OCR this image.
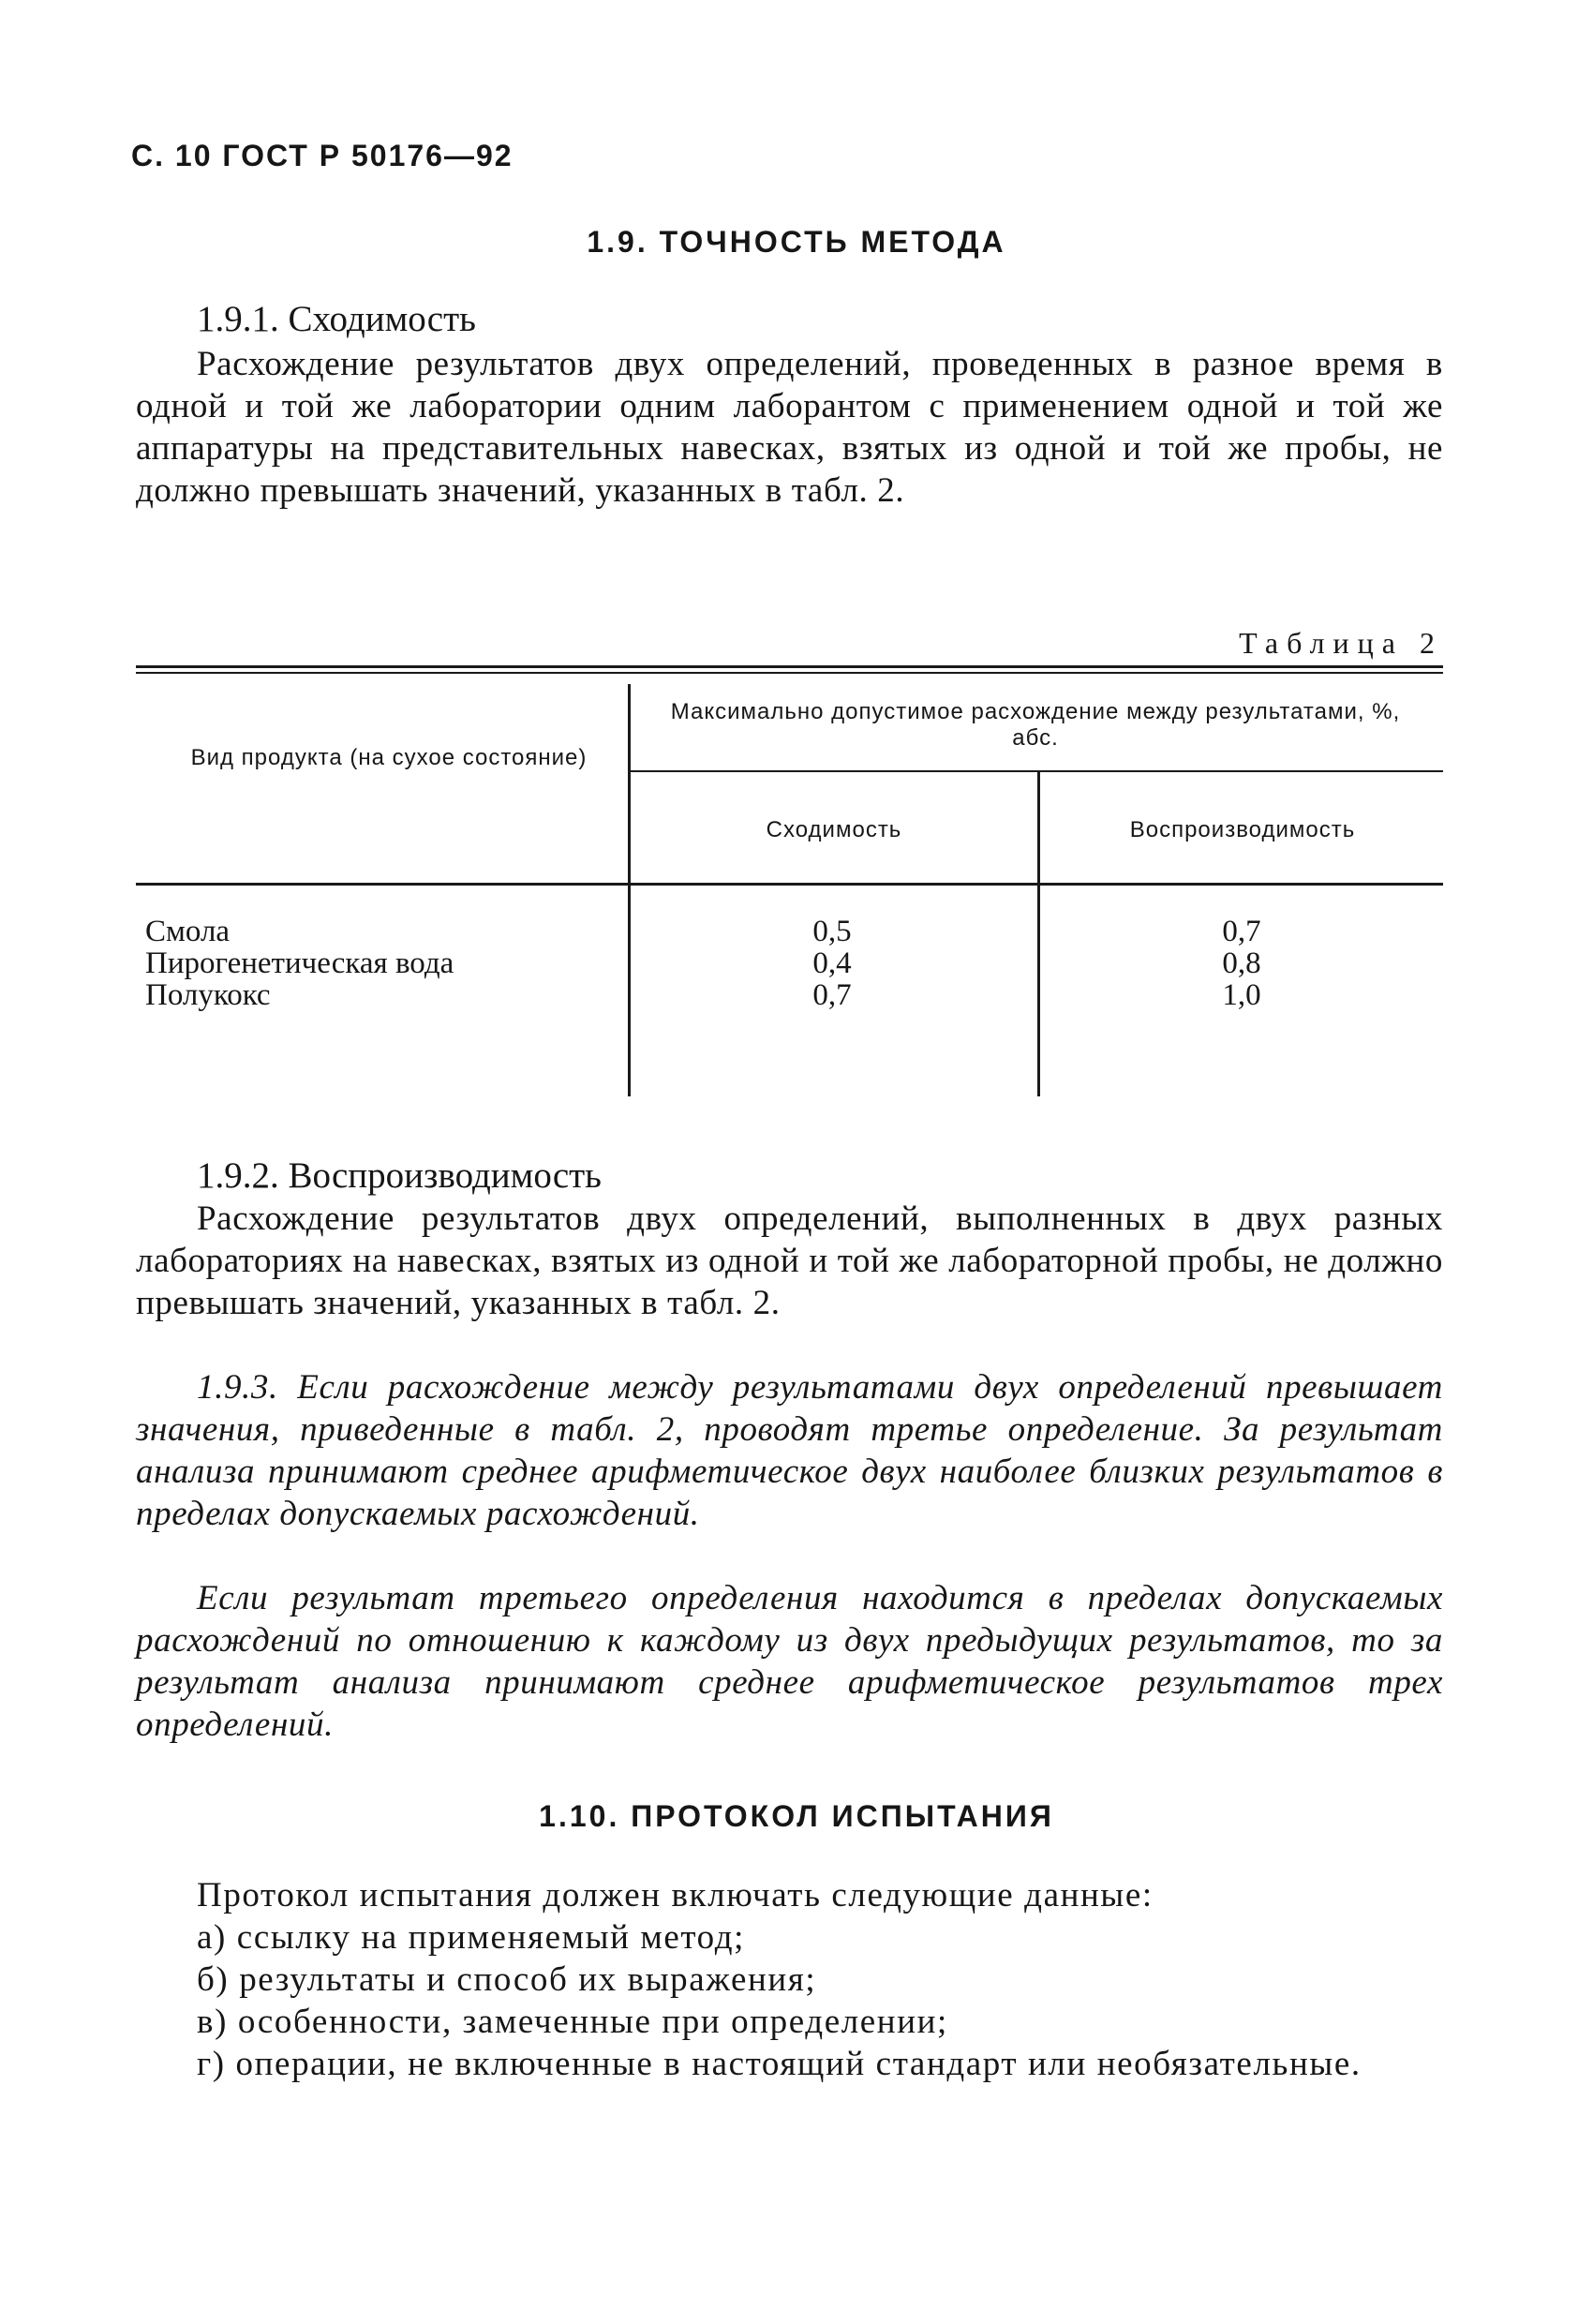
С. 10 ГОСТ Р 50176—92
1.9. ТОЧНОСТЬ МЕТОДА
1.9.1. Сходимость
Расхождение результатов двух определений, проведенных в разное время в одной и той же лаборатории одним лаборантом с применением одной и той же аппаратуры на представительных навесках, взятых из одной и той же пробы, не должно превышать значений, указанных в табл. 2.
Таблица 2
Вид продукта (на сухое состояние)
Максимально допустимое расхождение между результатами, %, абс.
Сходимость	Воспроизводимость
Смола	0,5	0,7
Пирогенетическая вода	0,4	0,8
Полукокс	0,7	1,0
1.9.2. Воспроизводимость
Расхождение результатов двух определений, выполненных в двух разных лабораториях на навесках, взятых из одной и той же лабораторной пробы, не должно превышать значений, указанных в табл. 2.
1.9.3. Если расхождение между результатами двух определений превышает значения, приведенные в табл. 2, проводят третье определение. За результат анализа принимают среднее арифметическое двух наиболее близких результатов в пределах допускаемых расхождений.
Если результат третьего определения находится в пределах допускаемых расхождений по отношению к каждому из двух предыдущих результатов, то за результат анализа принимают среднее арифметическое результатов трех определений.
1.10. ПРОТОКОЛ ИСПЫТАНИЯ
Протокол испытания должен включать следующие данные:
а) ссылку на применяемый метод;
б) результаты и способ их выражения;
в) особенности, замеченные при определении;
г) операции, не включенные в настоящий стандарт или необязательные.
